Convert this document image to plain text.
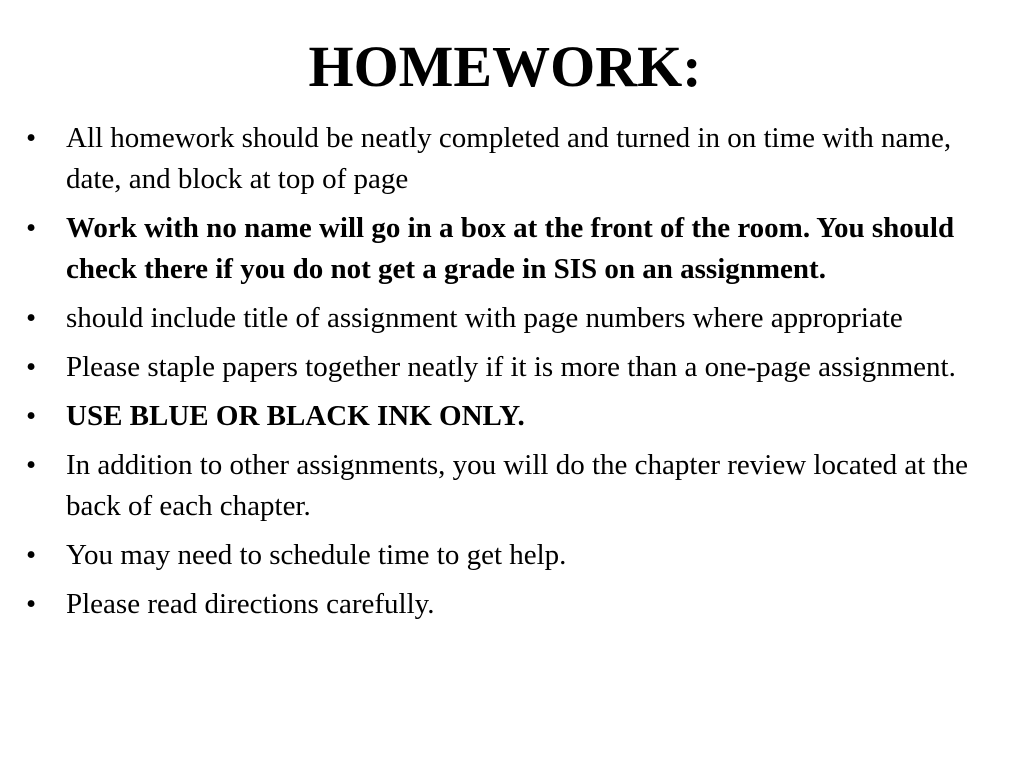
HOMEWORK:
• All homework should be neatly completed and turned in on time with name, date, and block at top of page
• Work with no name will go in a box at the front of the room. You should check there if you do not get a grade in SIS on an assignment.
• should include title of assignment with page numbers where appropriate
• Please staple papers together neatly if it is more than a one-page assignment.
• USE BLUE OR BLACK INK ONLY.
• In addition to other assignments, you will do the chapter review located at the back of each chapter.
• You may need to schedule time to get help.
• Please read directions carefully.
